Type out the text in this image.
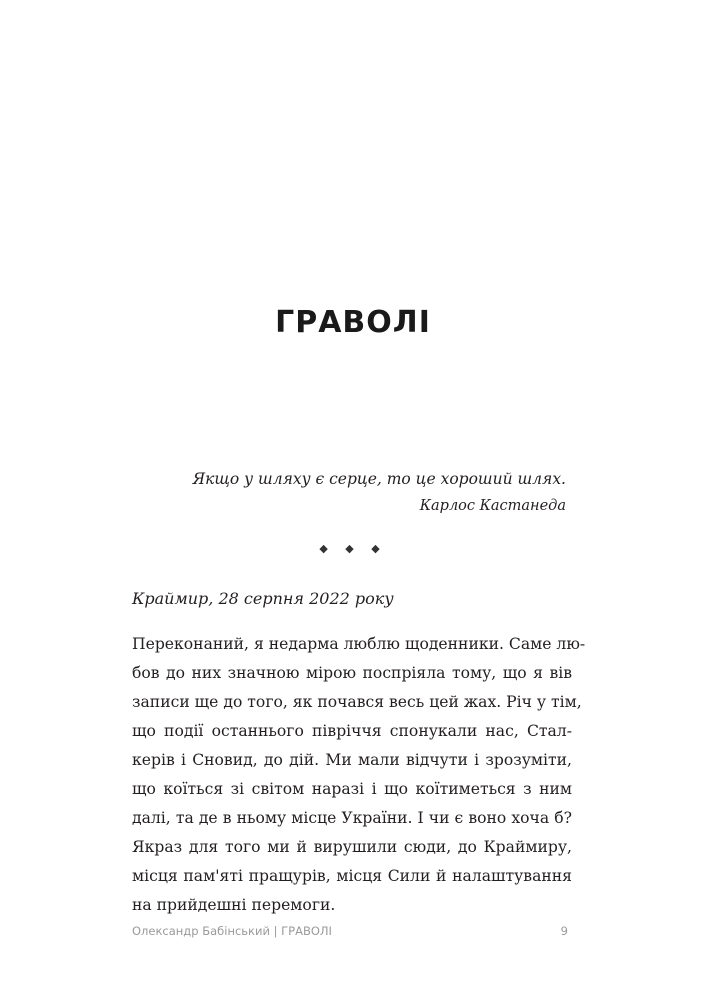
ГРАВОЛІ
Якщо у шляху є серце, то це хороший шлях.
Карлос Кастанеда
◆ ◆ ◆
Краймир, 28 серпня 2022 року
Переконаний, я недарма люблю щоденники. Саме лю-
бов до них значною мірою поспріяла тому, що я вів
записи ще до того, як почався весь цей жах. Річ у тім,
що події останнього півріччя спонукали нас, Стал-
керів і Сновид, до дій. Ми мали відчути і зрозуміти,
що коїться зі світом наразі і що коїтиметься з ним
далі, та де в ньому місце України. І чи є воно хоча б?
Якраз для того ми й вирушили сюди, до Краймиру,
місця пам'яті пращурів, місця Сили й налаштування
на прийдешні перемоги.
Олександр Бабінський | ГРАВОЛІ	9
